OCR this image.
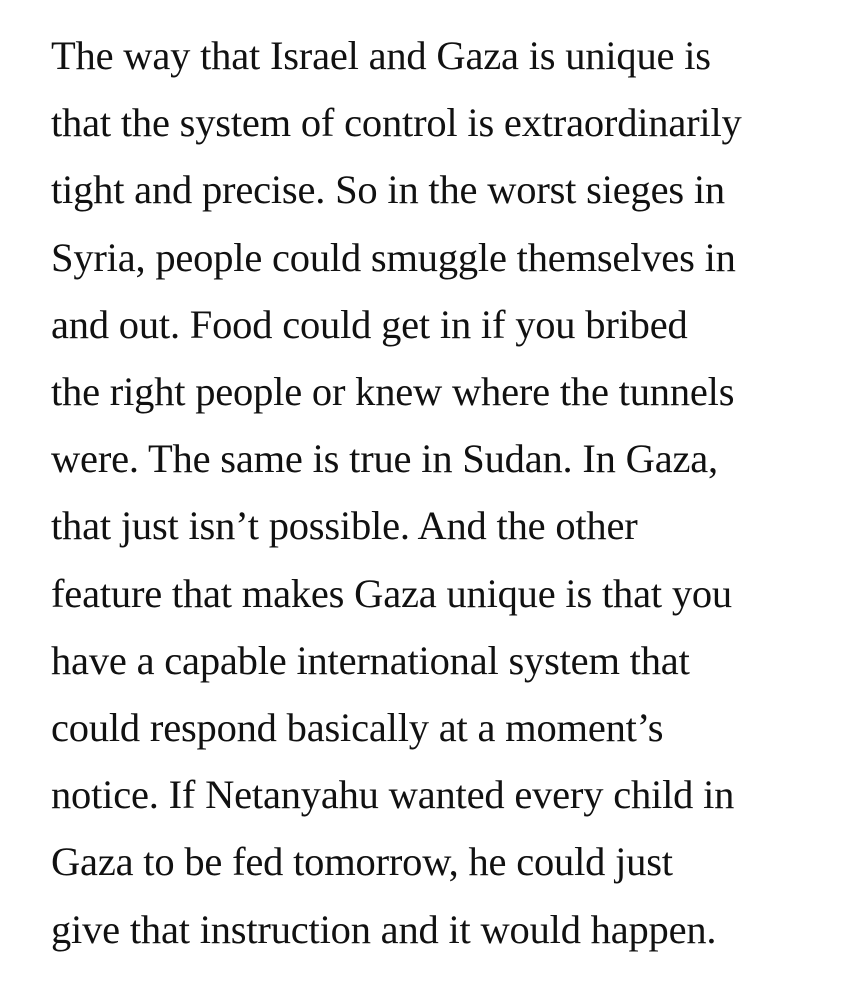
The way that Israel and Gaza is unique is
that the system of control is extraordinarily
tight and precise. So in the worst sieges in
Syria, people could smuggle themselves in
and out. Food could get in if you bribed
the right people or knew where the tunnels
were. The same is true in Sudan. In Gaza,
that just isn’t possible. And the other
feature that makes Gaza unique is that you
have a capable international system that
could respond basically at a moment’s
notice. If Netanyahu wanted every child in
Gaza to be fed tomorrow, he could just
give that instruction and it would happen.
